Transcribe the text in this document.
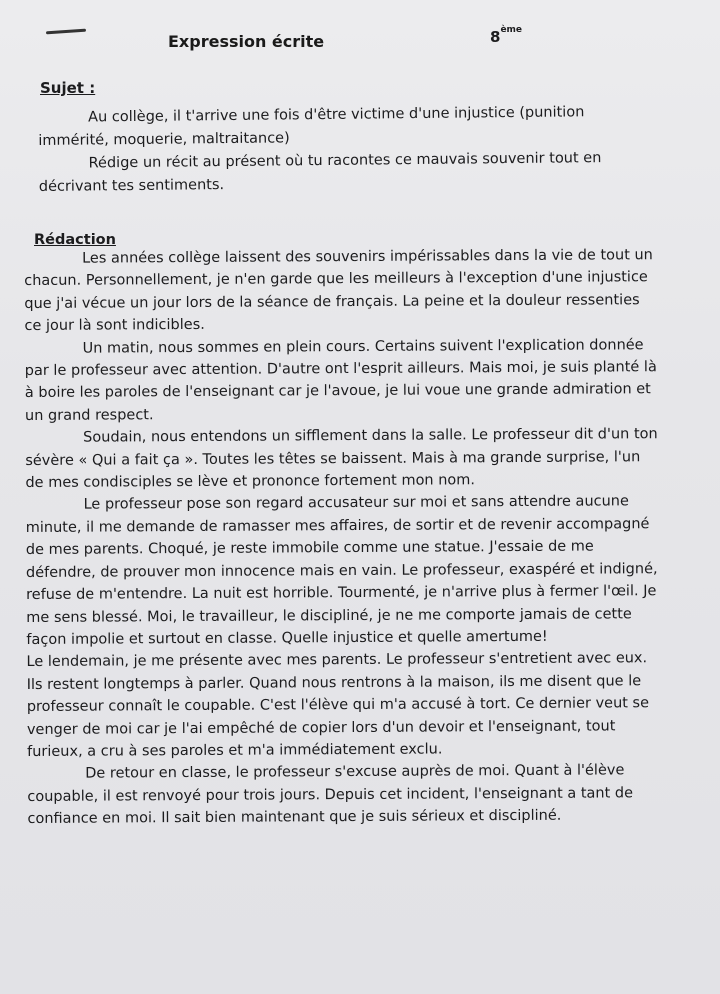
Expression écrite	8ème
Sujet :
Au collège, il t'arrive une fois d'être victime d'une injustice (punition immérité, moquerie, maltraitance)
Rédige un récit au présent où tu racontes ce mauvais souvenir tout en décrivant tes sentiments.
Rédaction

Les années collège laissent des souvenirs impérissables dans la vie de tout un chacun. Personnellement, je n'en garde que les meilleurs à l'exception d'une injustice que j'ai vécue un jour lors de la séance de français. La peine et la douleur ressenties ce jour là sont indicibles.

Un matin, nous sommes en plein cours. Certains suivent l'explication donnée par le professeur avec attention. D'autre ont l'esprit ailleurs. Mais moi, je suis planté là à boire les paroles de l'enseignant car je l'avoue, je lui voue une grande admiration et un grand respect.

Soudain, nous entendons un sifflement dans la salle. Le professeur dit d'un ton sévère « Qui a fait ça ». Toutes les têtes se baissent. Mais à ma grande surprise, l'un de mes condisciples se lève et prononce fortement mon nom.

Le professeur pose son regard accusateur sur moi et sans attendre aucune minute, il me demande de ramasser mes affaires, de sortir et de revenir accompagné de mes parents. Choqué, je reste immobile comme une statue. J'essaie de me défendre, de prouver mon innocence mais en vain. Le professeur, exaspéré et indigné, refuse de m'entendre. La nuit est horrible. Tourmenté, je n'arrive plus à fermer l'œil. Je me sens blessé. Moi, le travailleur, le discipliné, je ne me comporte jamais de cette façon impolie et surtout en classe. Quelle injustice et quelle amertume!

Le lendemain, je me présente avec mes parents. Le professeur s'entretient avec eux. Ils restent longtemps à parler. Quand nous rentrons à la maison, ils me disent que le professeur connaît le coupable. C'est l'élève qui m'a accusé à tort. Ce dernier veut se venger de moi car je l'ai empêché de copier lors d'un devoir et l'enseignant, tout furieux, a cru à ses paroles et m'a immédiatement exclu.

De retour en classe, le professeur s'excuse auprès de moi. Quant à l'élève coupable, il est renvoyé pour trois jours. Depuis cet incident, l'enseignant a tant de confiance en moi. Il sait bien maintenant que je suis sérieux et discipliné.
